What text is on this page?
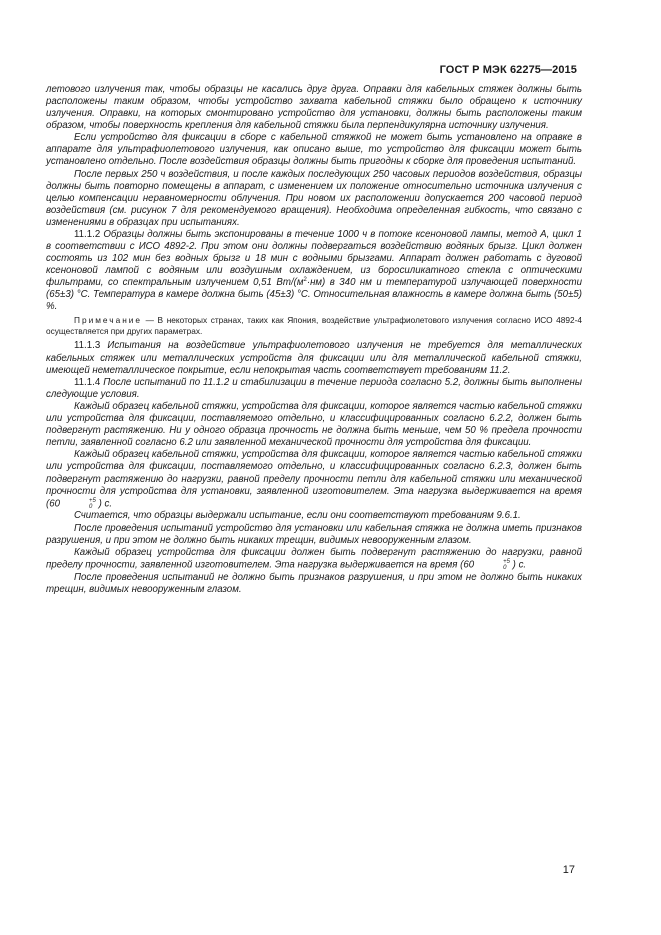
ГОСТ Р МЭК 62275—2015

летового излучения так, чтобы образцы не касались друг друга. Оправки для кабельных стяжек должны быть расположены таким образом, чтобы устройство захвата кабельной стяжки было обращено к источнику излучения. Оправки, на которых смонтировано устройство для установки, должны быть расположены таким образом, чтобы поверхность крепления для кабельной стяжки была перпендикулярна источнику излучения.

Если устройство для фиксации в сборе с кабельной стяжкой не может быть установлено на оправке в аппарате для ультрафиолетового излучения, как описано выше, то устройство для фиксации может быть установлено отдельно. После воздействия образцы должны быть пригодны к сборке для проведения испытаний.

После первых 250 ч воздействия, и после каждых последующих 250 часовых периодов воздействия, образцы должны быть повторно помещены в аппарат, с изменением их положение относительно источника излучения с целью компенсации неравномерности облучения. При новом их расположении допускается 200 часовой период воздействия (см. рисунок 7 для рекомендуемого вращения). Необходима определенная гибкость, что связано с изменениями в образцах при испытаниях.

11.1.2 Образцы должны быть экспонированы в течение 1000 ч в потоке ксеноновой лампы, метод А, цикл 1 в соответствии с ИСО 4892-2. При этом они должны подвергаться воздействию водяных брызг. Цикл должен состоять из 102 мин без водных брызг и 18 мин с водными брызгами. Аппарат должен работать с дуговой ксеноновой лампой с водяным или воздушным охлаждением, из боросиликатного стекла с оптическими фильтрами, со спектральным излучением 0,51 $Вт/(м^2\cdot нм)$ в 340 нм и температурой излучающей поверхности (65±3) °С. Температура в камере должна быть (45±3) °С. Относительная влажность в камере должна быть (50±5) %.

Примечание — В некоторых странах, таких как Япония, воздействие ультрафиолетового излучения согласно ИСО 4892-4 осуществляется при других параметрах.

11.1.3 Испытания на воздействие ультрафиолетового излучения не требуется для металлических кабельных стяжек или металлических устройств для фиксации или для металлической кабельной стяжки, имеющей неметаллическое покрытие, если непокрытая часть соответствует требованиям 11.2.

11.1.4 После испытаний по 11.1.2 и стабилизации в течение периода согласно 5.2, должны быть выполнены следующие условия.

Каждый образец кабельной стяжки, устройства для фиксации, которое является частью кабельной стяжки или устройства для фиксации, поставляемого отдельно, и классифицированных согласно 6.2.2, должен быть подвергнут растяжению. Ни у одного образца прочность не должна быть меньше, чем 50 % предела прочности петли, заявленной согласно 6.2 или заявленной механической прочности для устройства для фиксации.

Каждый образец кабельной стяжки, устройства для фиксации, которое является частью кабельной стяжки или устройства для фиксации, поставляемого отдельно, и классифицированных согласно 6.2.3, должен быть подвергнут растяжению до нагрузки, равной пределу прочности петли для кабельной стяжки или механической прочности для устройства для установки, заявленной изготовителем. Эта нагрузка выдерживается на время (60	+5
0 ) с.

Считается, что образцы выдержали испытание, если они соответствуют требованиям 9.6.1.

После проведения испытаний устройство для установки или кабельная стяжка не должна иметь признаков разрушения, и при этом не должно быть никаких трещин, видимых невооруженным глазом.

Каждый образец устройства для фиксации должен быть подвергнут растяжению до нагрузки, равной пределу прочности, заявленной изготовителем. Эта нагрузка выдерживается на время (60	+5
0 ) с.

После проведения испытаний не должно быть признаков разрушения, и при этом не должно быть никаких трещин, видимых невооруженным глазом.

17
